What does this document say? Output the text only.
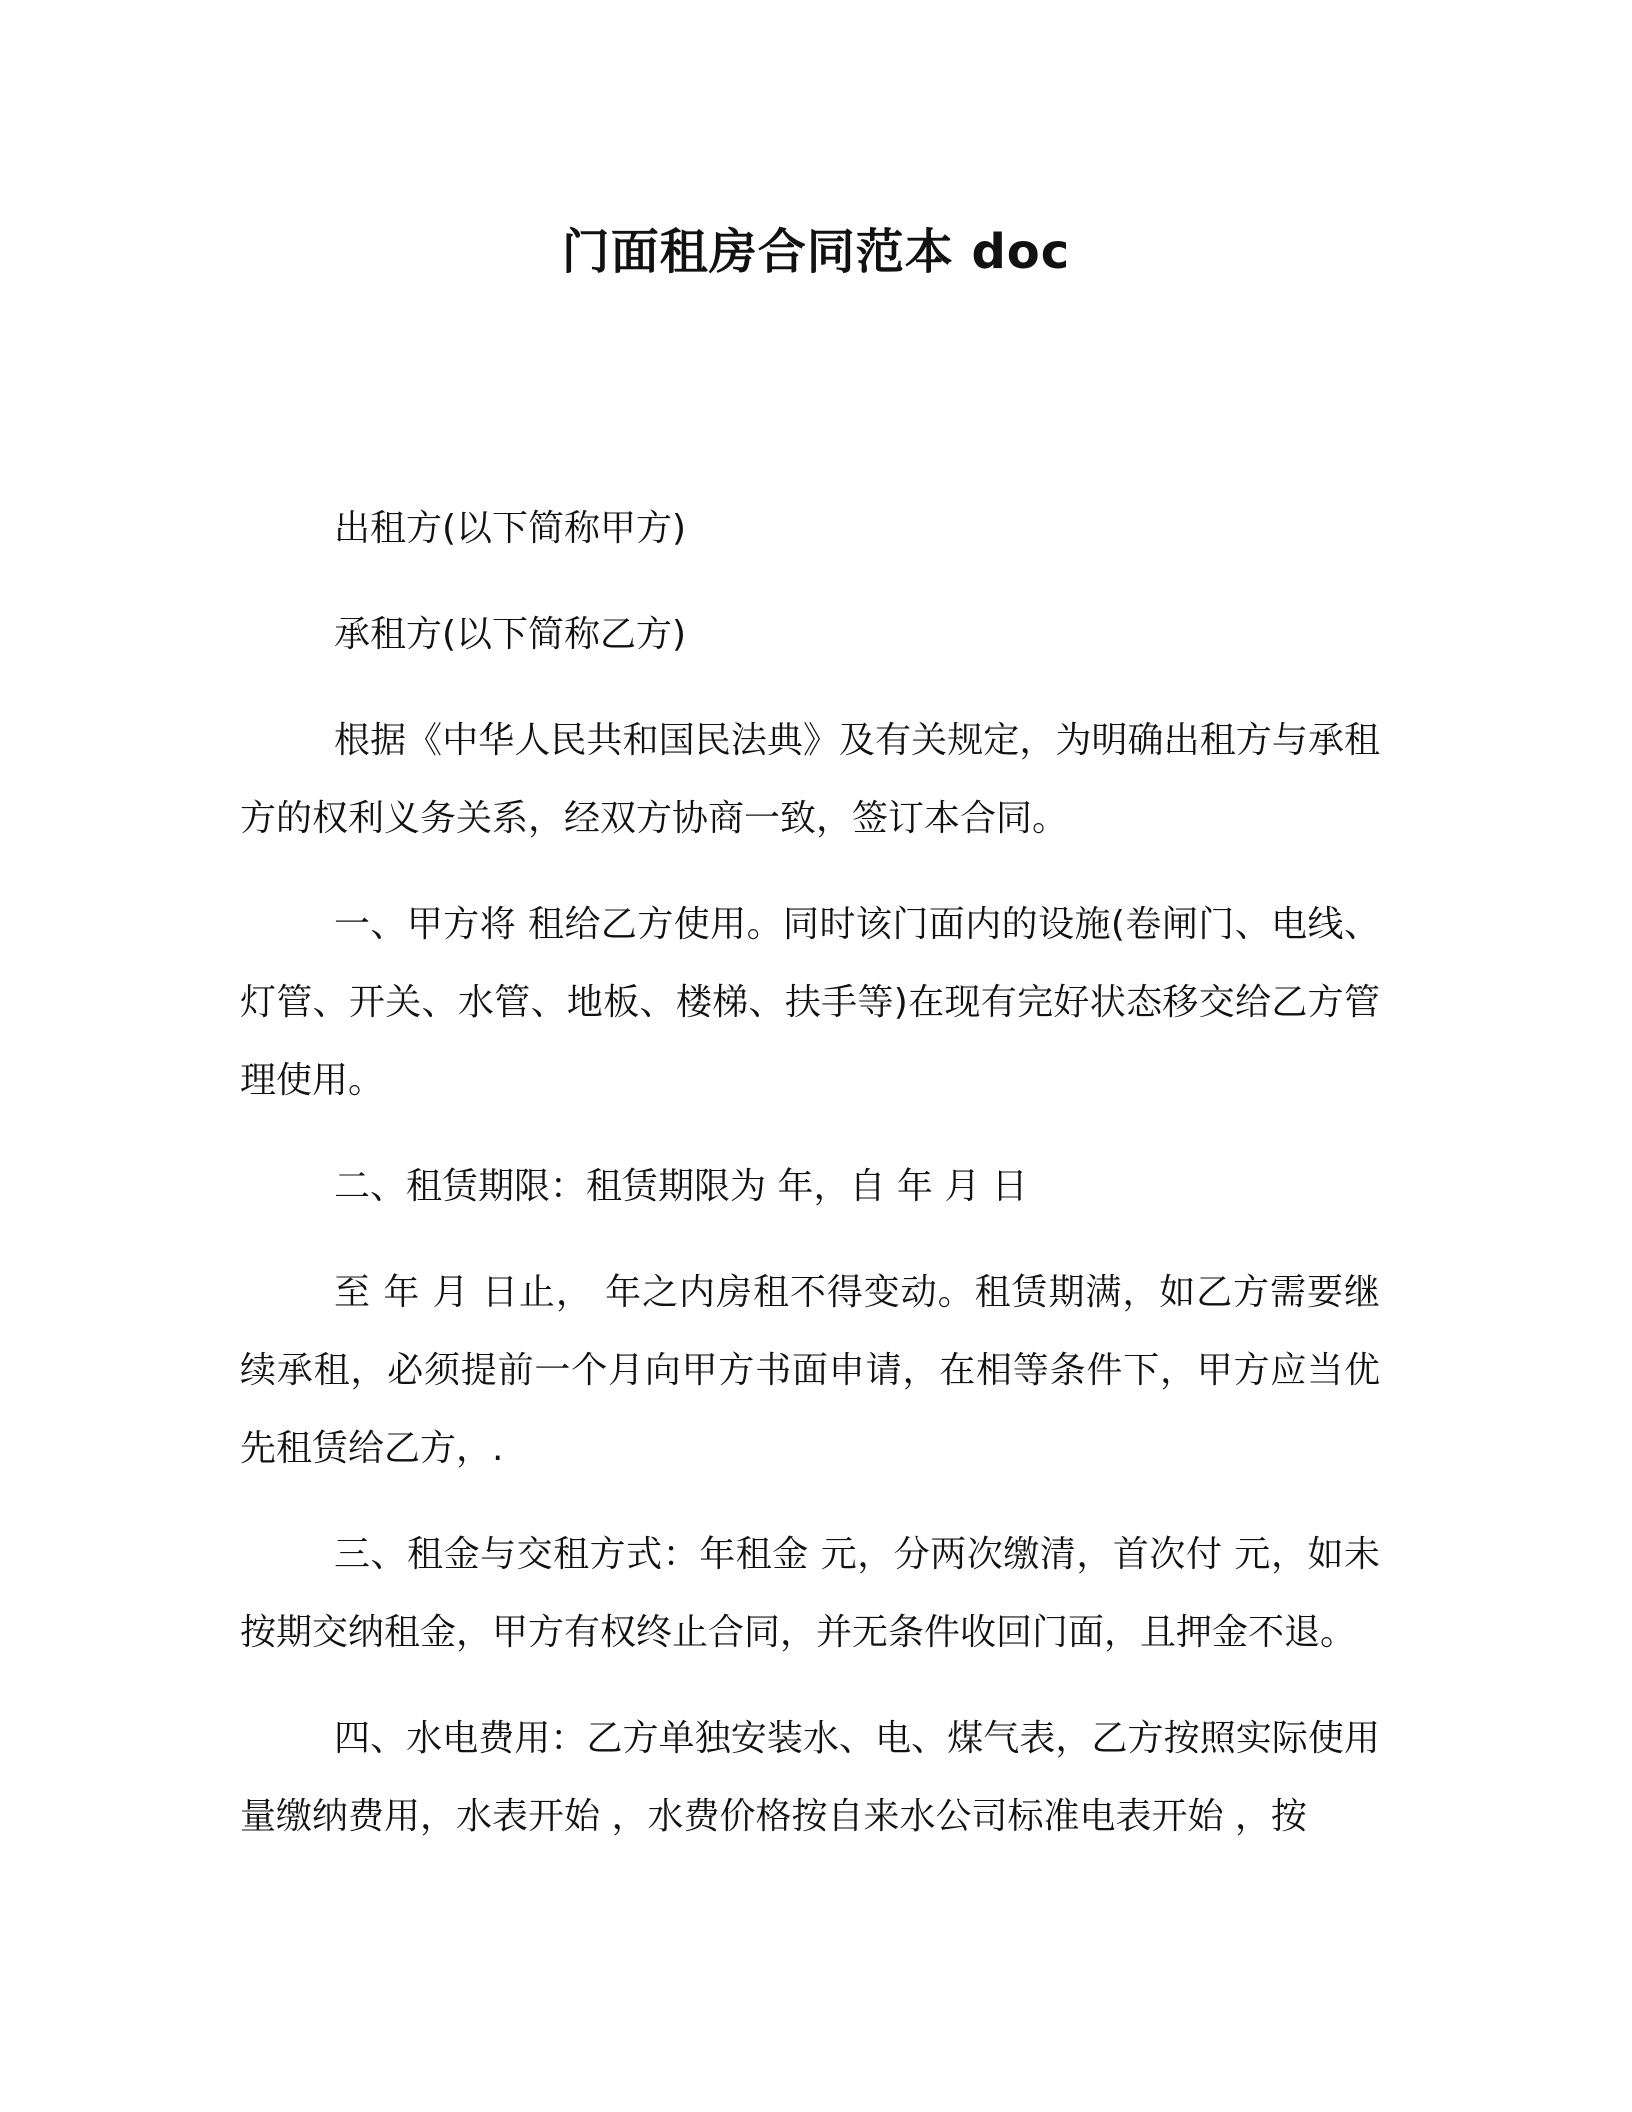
门面租房合同范本 doc

出租方(以下简称甲方)

承租方(以下简称乙方)

根据《中华人民共和国民法典》及有关规定，为明确出租方与承租方的权利义务关系，经双方协商一致，签订本合同。

一、甲方将 租给乙方使用。同时该门面内的设施(卷闸门、电线、灯管、开关、水管、地板、楼梯、扶手等)在现有完好状态移交给乙方管理使用。

二、租赁期限：租赁期限为 年，自 年 月 日

至 年 月 日止， 年之内房租不得变动。租赁期满，如乙方需要继续承租，必须提前一个月向甲方书面申请，在相等条件下，甲方应当优先租赁给乙方，.

三、租金与交租方式：年租金 元，分两次缴清，首次付 元，如未按期交纳租金，甲方有权终止合同，并无条件收回门面，且押金不退。

四、水电费用：乙方单独安装水、电、煤气表，乙方按照实际使用量缴纳费用，水表开始 ，水费价格按自来水公司标准电表开始 ，按
